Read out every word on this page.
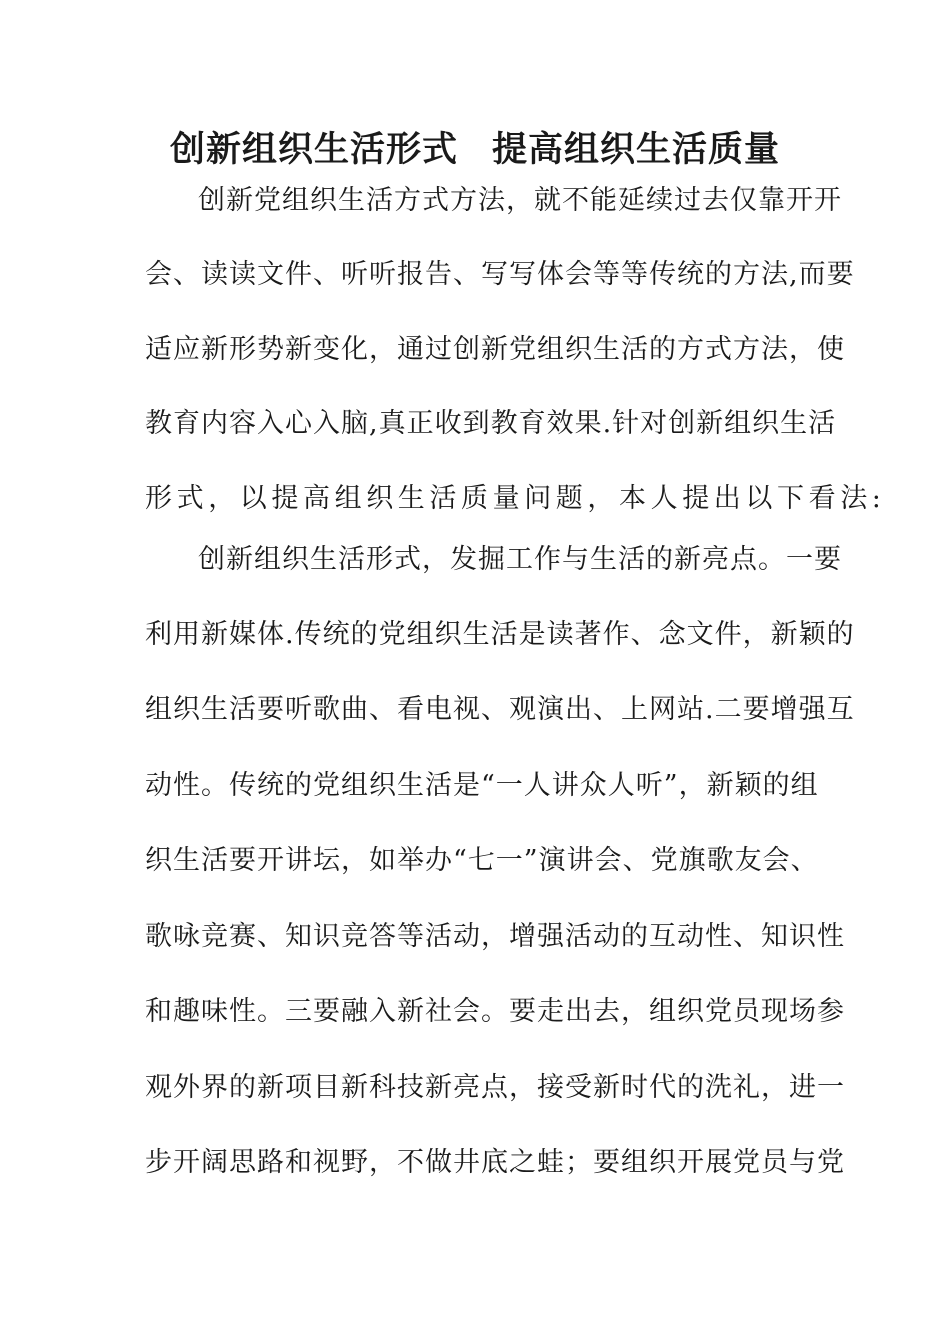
创新组织生活形式 提高组织生活质量
创新党组织生活方式方法，就不能延续过去仅靠开开
会、读读文件、听听报告、写写体会等等传统的方法,而要
适应新形势新变化，通过创新党组织生活的方式方法，使
教育内容入心入脑,真正收到教育效果.针对创新组织生活
形式，以提高组织生活质量问题，本人提出以下看法:
创新组织生活形式，发掘工作与生活的新亮点。一要
利用新媒体.传统的党组织生活是读著作、念文件，新颖的
组织生活要听歌曲、看电视、观演出、上网站.二要增强互
动性。传统的党组织生活是“一人讲众人听”，新颖的组
织生活要开讲坛，如举办“七一”演讲会、党旗歌友会、
歌咏竞赛、知识竞答等活动，增强活动的互动性、知识性
和趣味性。三要融入新社会。要走出去，组织党员现场参
观外界的新项目新科技新亮点，接受新时代的洗礼，进一
步开阔思路和视野，不做井底之蛙；要组织开展党员与党
